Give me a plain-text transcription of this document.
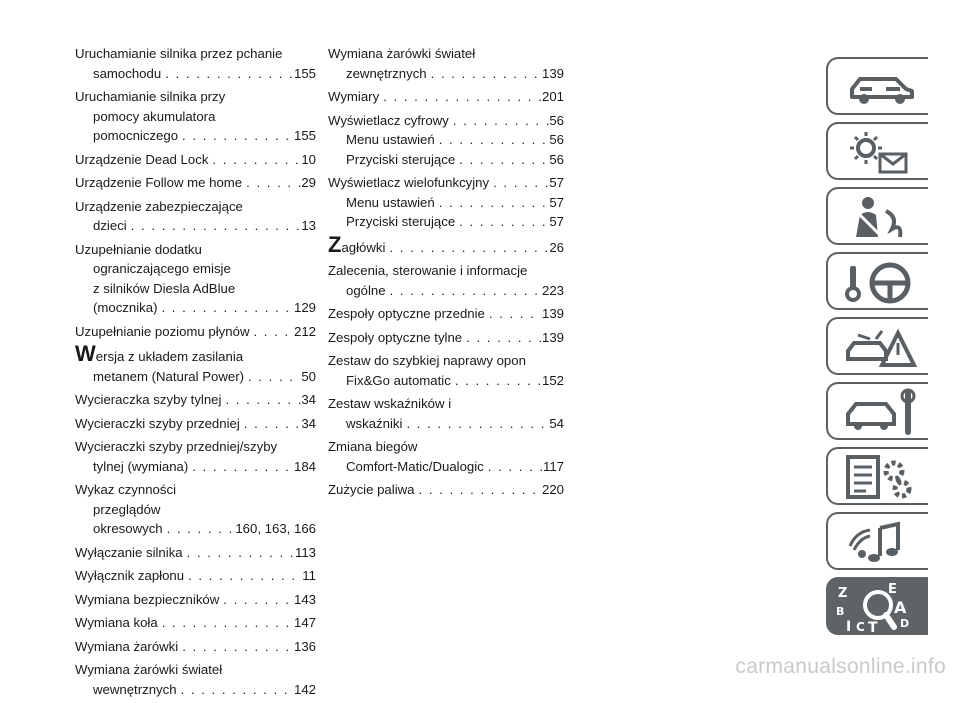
Uruchamianie silnika przez pchanie
samochodu . . .	155
Uruchamianie silnika przy
pomocy akumulatora
pomocniczego . . .	155
Urządzenie Dead Lock . . .	10
Urządzenie Follow me home . . .	29
Urządzenie zabezpieczające
dzieci . . .	13
Uzupełnianie dodatku
ograniczającego emisje
z silników Diesla AdBlue
(mocznika) . . .	129
Uzupełnianie poziomu płynów . . .	212
W ersja z układem zasilania
metanem (Natural Power) . . .	50
Wycieraczka szyby tylnej . . .	34
Wycieraczki szyby przedniej . . .	34
Wycieraczki szyby przedniej/szyby
tylnej (wymiana) . . .	184
Wykaz czynności
przeglądów
okresowych . . .	160, 163, 166
Wyłączanie silnika . . .	113
Wyłącznik zapłonu . . .	11
Wymiana bezpieczników . . .	143
Wymiana koła . . .	147
Wymiana żarówki . . .	136
Wymiana żarówki świateł
wewnętrznych . . .	142
Wymiana żarówki świateł
zewnętrznych . . .	139
Wymiary . . .	201
Wyświetlacz cyfrowy . . .	56
Menu ustawień . . .	56
Przyciski sterujące . . .	56
Wyświetlacz wielofunkcyjny . . .	57
Menu ustawień . . .	57
Przyciski sterujące . . .	57
Z agłówki . . .	26
Zalecenia, sterowanie i informacje
ogólne . . .	223
Zespoły optyczne przednie . . .	139
Zespoły optyczne tylne . . .	139
Zestaw do szybkiej naprawy opon
Fix&Go automatic . . .	152
Zestaw wskaźników i
wskaźniki . . .	54
Zmiana biegów
Comfort-Matic/Dualogic . . .	117
Zużycie paliwa . . .	220
Z	E
B	A
C	D
T
I
carmanualsonline.info
